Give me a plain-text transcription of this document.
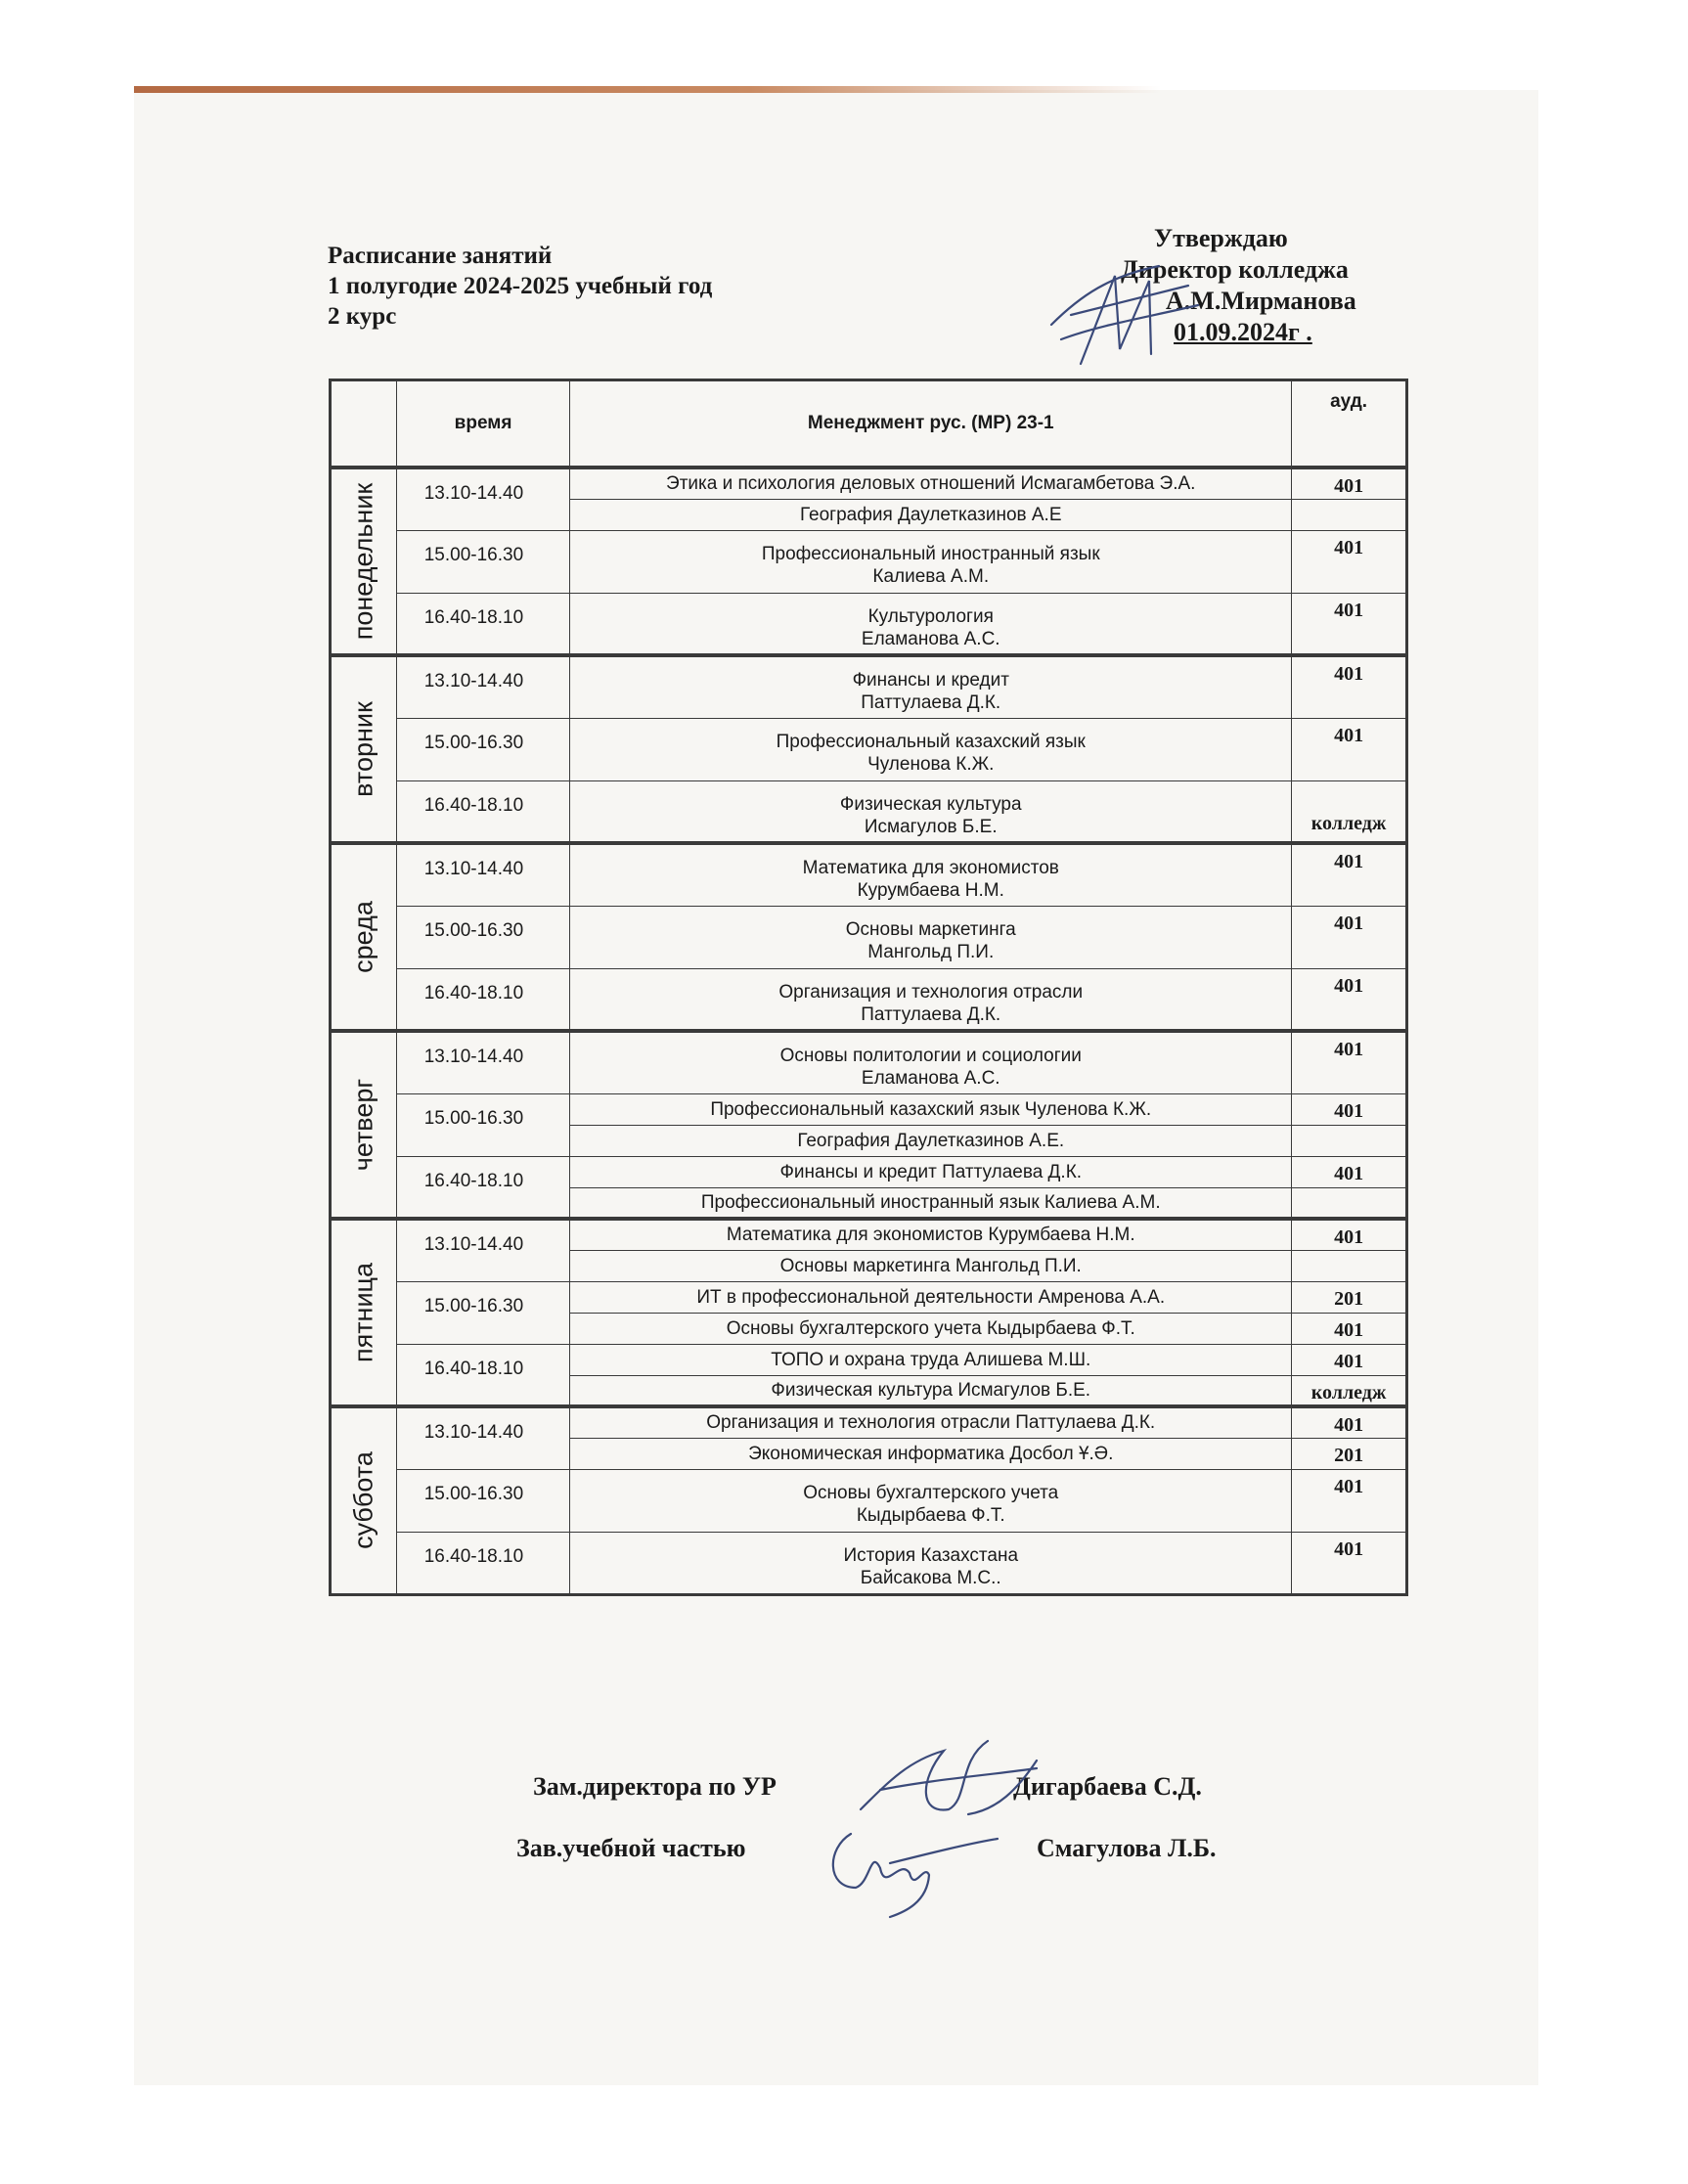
Расписание занятий
1 полугодие 2024-2025 учебный год
2 курс
Утверждаю
Директор колледжа
А.М.Мирманова
01.09.2024г .
	время	Менеджмент рус. (МР) 23-1	ауд.

понедельник	13.10-14.40	Этика и психология деловых отношений Исмагамбетова Э.А.	401
		География Даулетказинов А.Е	
	15.00-16.30	Профессиональный иностранный язык
Калиева А.М.	401
	16.40-18.10	Культурология
Еламанова А.С.	401

вторник	13.10-14.40	Финансы и кредит
Паттулаева Д.К.	401
	15.00-16.30	Профессиональный казахский язык
Чуленова К.Ж.	401
	16.40-18.10	Физическая культура
Исмагулов Б.Е.	колледж

среда	13.10-14.40	Математика для экономистов
Курумбаева Н.М.	401
	15.00-16.30	Основы маркетинга
Мангольд П.И.	401
	16.40-18.10	Организация и технология отрасли
Паттулаева Д.К.	401

четверг	13.10-14.40	Основы политологии и социологии
Еламанова А.С.	401
	15.00-16.30	Профессиональный казахский язык Чуленова К.Ж.	401
		География Даулетказинов А.Е.	
	16.40-18.10	Финансы и кредит Паттулаева Д.К.	401
		Профессиональный иностранный язык Калиева А.М.	

пятница	13.10-14.40	Математика для экономистов Курумбаева Н.М.	401
		Основы маркетинга Мангольд П.И.	
	15.00-16.30	ИТ в профессиональной деятельности Амренова А.А.	201
		Основы бухгалтерского учета Кыдырбаева Ф.Т.	401
	16.40-18.10	ТОПО и охрана труда Алишева М.Ш.	401
		Физическая культура Исмагулов Б.Е.	колледж

суббота	13.10-14.40	Организация и технология отрасли Паттулаева Д.К.	401
		Экономическая информатика Досбол Ұ.Ә.	201
	15.00-16.30	Основы бухгалтерского учета
Кыдырбаева Ф.Т.	401
	16.40-18.10	История Казахстана
Байсакова М.С..	401
Зам.директора по УР	Дигарбаева С.Д.
Зав.учебной частью	Смагулова Л.Б.
